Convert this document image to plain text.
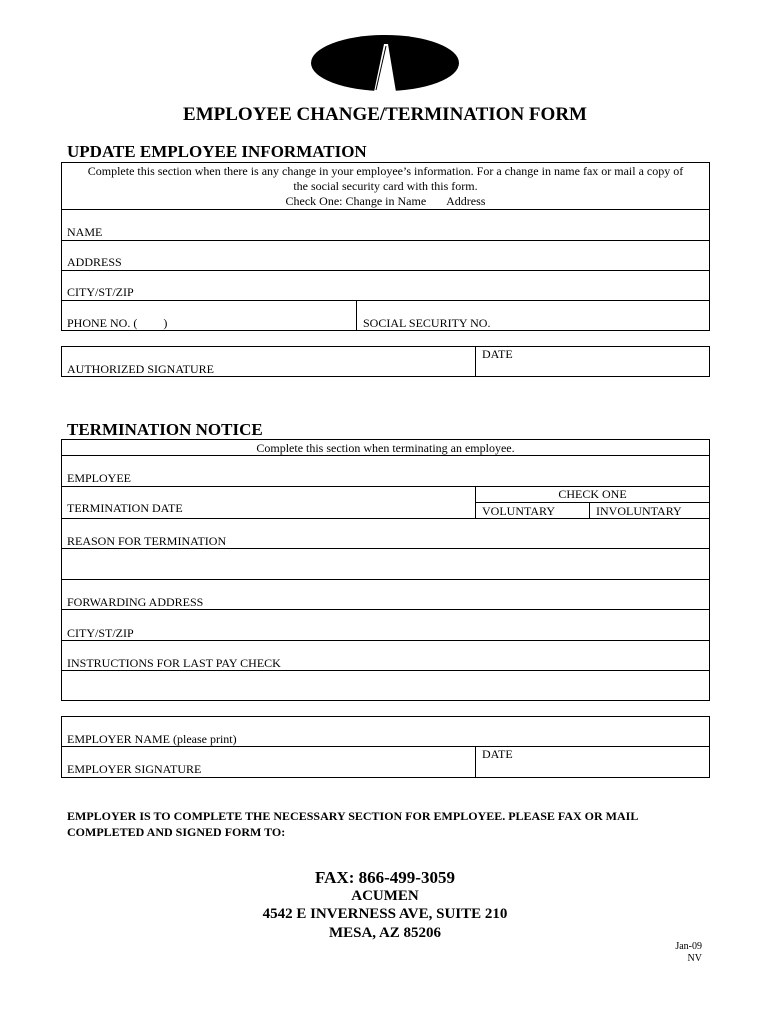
EMPLOYEE CHANGE/TERMINATION FORM
UPDATE EMPLOYEE INFORMATION
Complete this section when there is any change in your employee’s information. For a change in name fax or mail a copy of
the social security card with this form.
Check One: Change in Name Address
NAME
ADDRESS
CITY/ST/ZIP
PHONE NO. ( )	SOCIAL SECURITY NO.
AUTHORIZED SIGNATURE
DATE
TERMINATION NOTICE
Complete this section when terminating an employee.
EMPLOYEE
TERMINATION DATE
CHECK ONE
VOLUNTARY	INVOLUNTARY
REASON FOR TERMINATION
FORWARDING ADDRESS
CITY/ST/ZIP
INSTRUCTIONS FOR LAST PAY CHECK
EMPLOYER NAME (please print)
DATE
EMPLOYER SIGNATURE
EMPLOYER IS TO COMPLETE THE NECESSARY SECTION FOR EMPLOYEE. PLEASE FAX OR MAIL
COMPLETED AND SIGNED FORM TO:
FAX: 866-499-3059
ACUMEN
4542 E INVERNESS AVE, SUITE 210
MESA, AZ 85206
Jan-09
NV
